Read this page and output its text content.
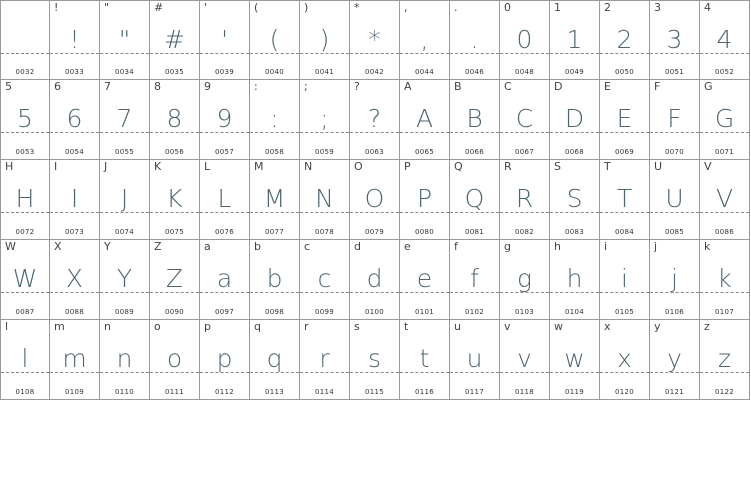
0032
!
!
0033
"
"
0034
#
#
0035
'
'
0039
(
(
0040
)
)
0041
*
*
0042
,
,
0044
.
.
0046
0
0
0048
1
1
0049
2
2
0050
3
3
0051
4
4
0052
5
5
0053
6
6
0054
7
7
0055
8
8
0056
9
9
0057
:
:
0058
;
;
0059
?
?
0063
A
A
0065
B
B
0066
C
C
0067
D
D
0068
E
E
0069
F
F
0070
G
G
0071
H
H
0072
I
I
0073
J
J
0074
K
K
0075
L
L
0076
M
M
0077
N
N
0078
O
O
0079
P
P
0080
Q
Q
0081
R
R
0082
S
S
0083
T
T
0084
U
U
0085
V
V
0086
W
W
0087
X
X
0088
Y
Y
0089
Z
Z
0090
a
a
0097
b
b
0098
c
c
0099
d
d
0100
e
e
0101
f
f
0102
g
g
0103
h
h
0104
i
i
0105
j
j
0106
k
k
0107
l
l
0108
m
m
0109
n
n
0110
o
o
0111
p
p
0112
q
q
0113
r
r
0114
s
s
0115
t
t
0116
u
u
0117
v
v
0118
w
w
0119
x
x
0120
y
y
0121
z
z
0122
